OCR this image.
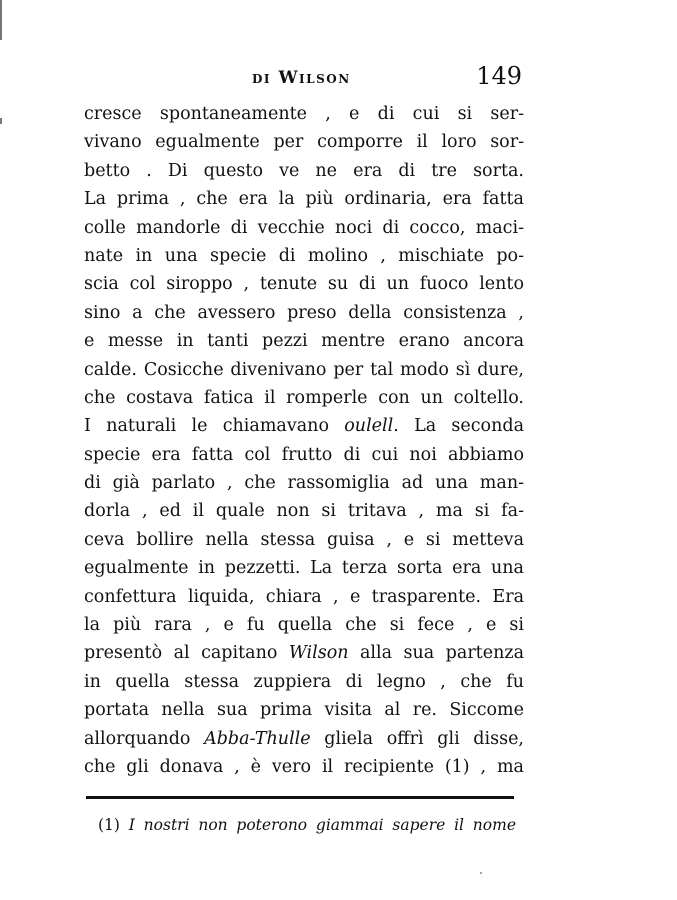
di Wilson	149
cresce spontaneamente , e di cui si ser-
vivano egualmente per comporre il loro sor-
betto . Di questo ve ne era di tre sorta.
La prima , che era la più ordinaria, era fatta
colle mandorle di vecchie noci di cocco, maci-
nate in una specie di molino , mischiate po-
scia col siroppo , tenute su di un fuoco lento
sino a che avessero preso della consistenza ,
e messe in tanti pezzi mentre erano ancora
calde. Cosicche divenivano per tal modo sì dure,
che costava fatica il romperle con un coltello.
I naturali le chiamavano oulell. La seconda
specie era fatta col frutto di cui noi abbiamo
di già parlato , che rassomiglia ad una man-
dorla , ed il quale non si tritava , ma si fa-
ceva bollire nella stessa guisa , e si metteva
egualmente in pezzetti. La terza sorta era una
confettura liquida, chiara , e trasparente. Era
la più rara , e fu quella che si fece , e si
presentò al capitano Wilson alla sua partenza
in quella stessa zuppiera di legno , che fu
portata nella sua prima visita al re. Siccome
allorquando Abba-Thulle gliela offrì gli disse,
che gli donava , è vero il recipiente (1) , ma
(1) I nostri non poterono giammai sapere il nome
